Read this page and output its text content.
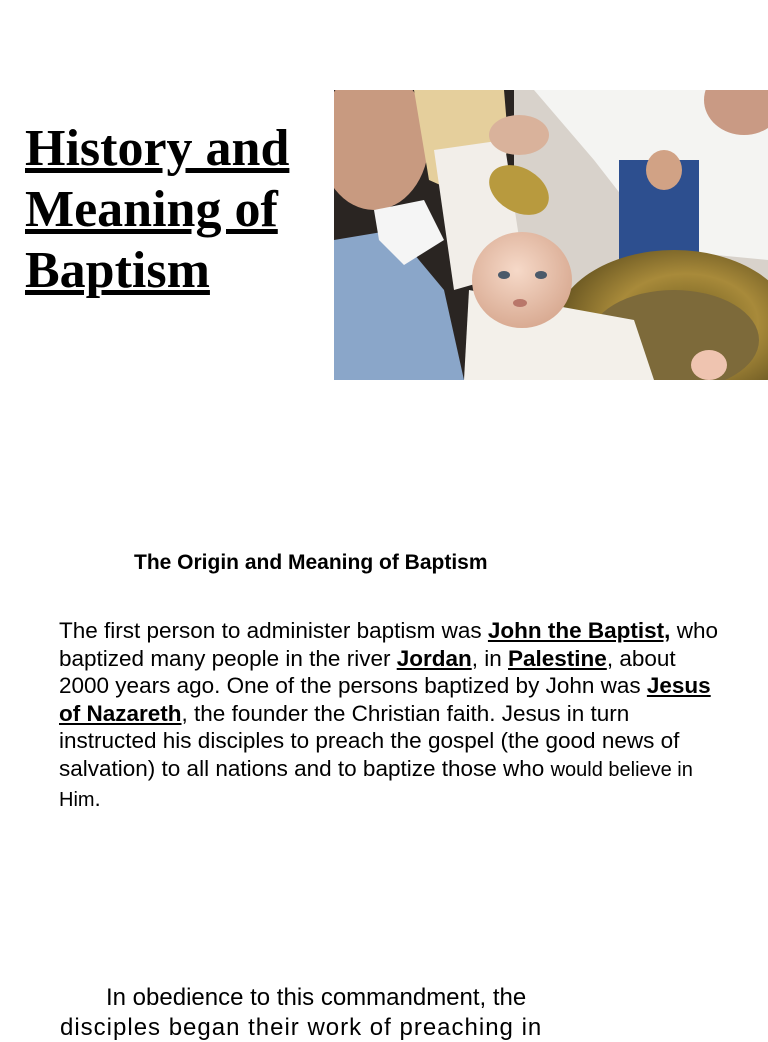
History and Meaning of Baptism
The Origin and Meaning of Baptism

The first person to administer baptism was John the Baptist, who baptized many people in the river Jordan, in Palestine, about 2000 years ago. One of the persons baptized by John was Jesus of Nazareth, the founder the Christian faith. Jesus in turn instructed his disciples to preach the gospel (the good news of salvation) to all nations and to baptize those who would believe in Him.

In obedience to this commandment, the

disciples began their work of preaching in
